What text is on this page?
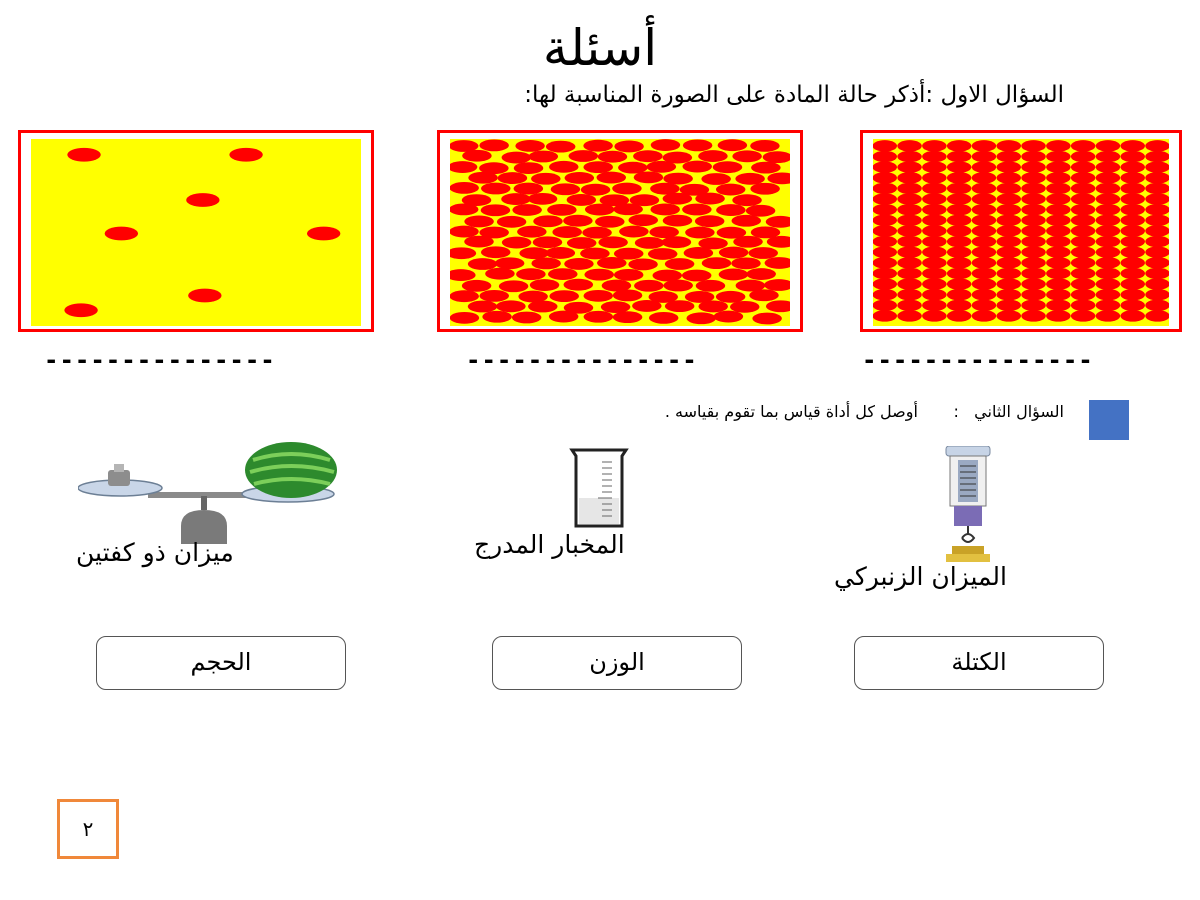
أسئلة
السؤال الاول :أذكر حالة المادة على الصورة المناسبة لها:
---------------	---------------	---------------
السؤال الثاني   :       أوصل كل أداة قياس بما تقوم بقياسه .
ميزان ذو كفتين	المخبار المدرج
الميزان الزنبركي
الحجم	الوزن	الكتلة
٢
